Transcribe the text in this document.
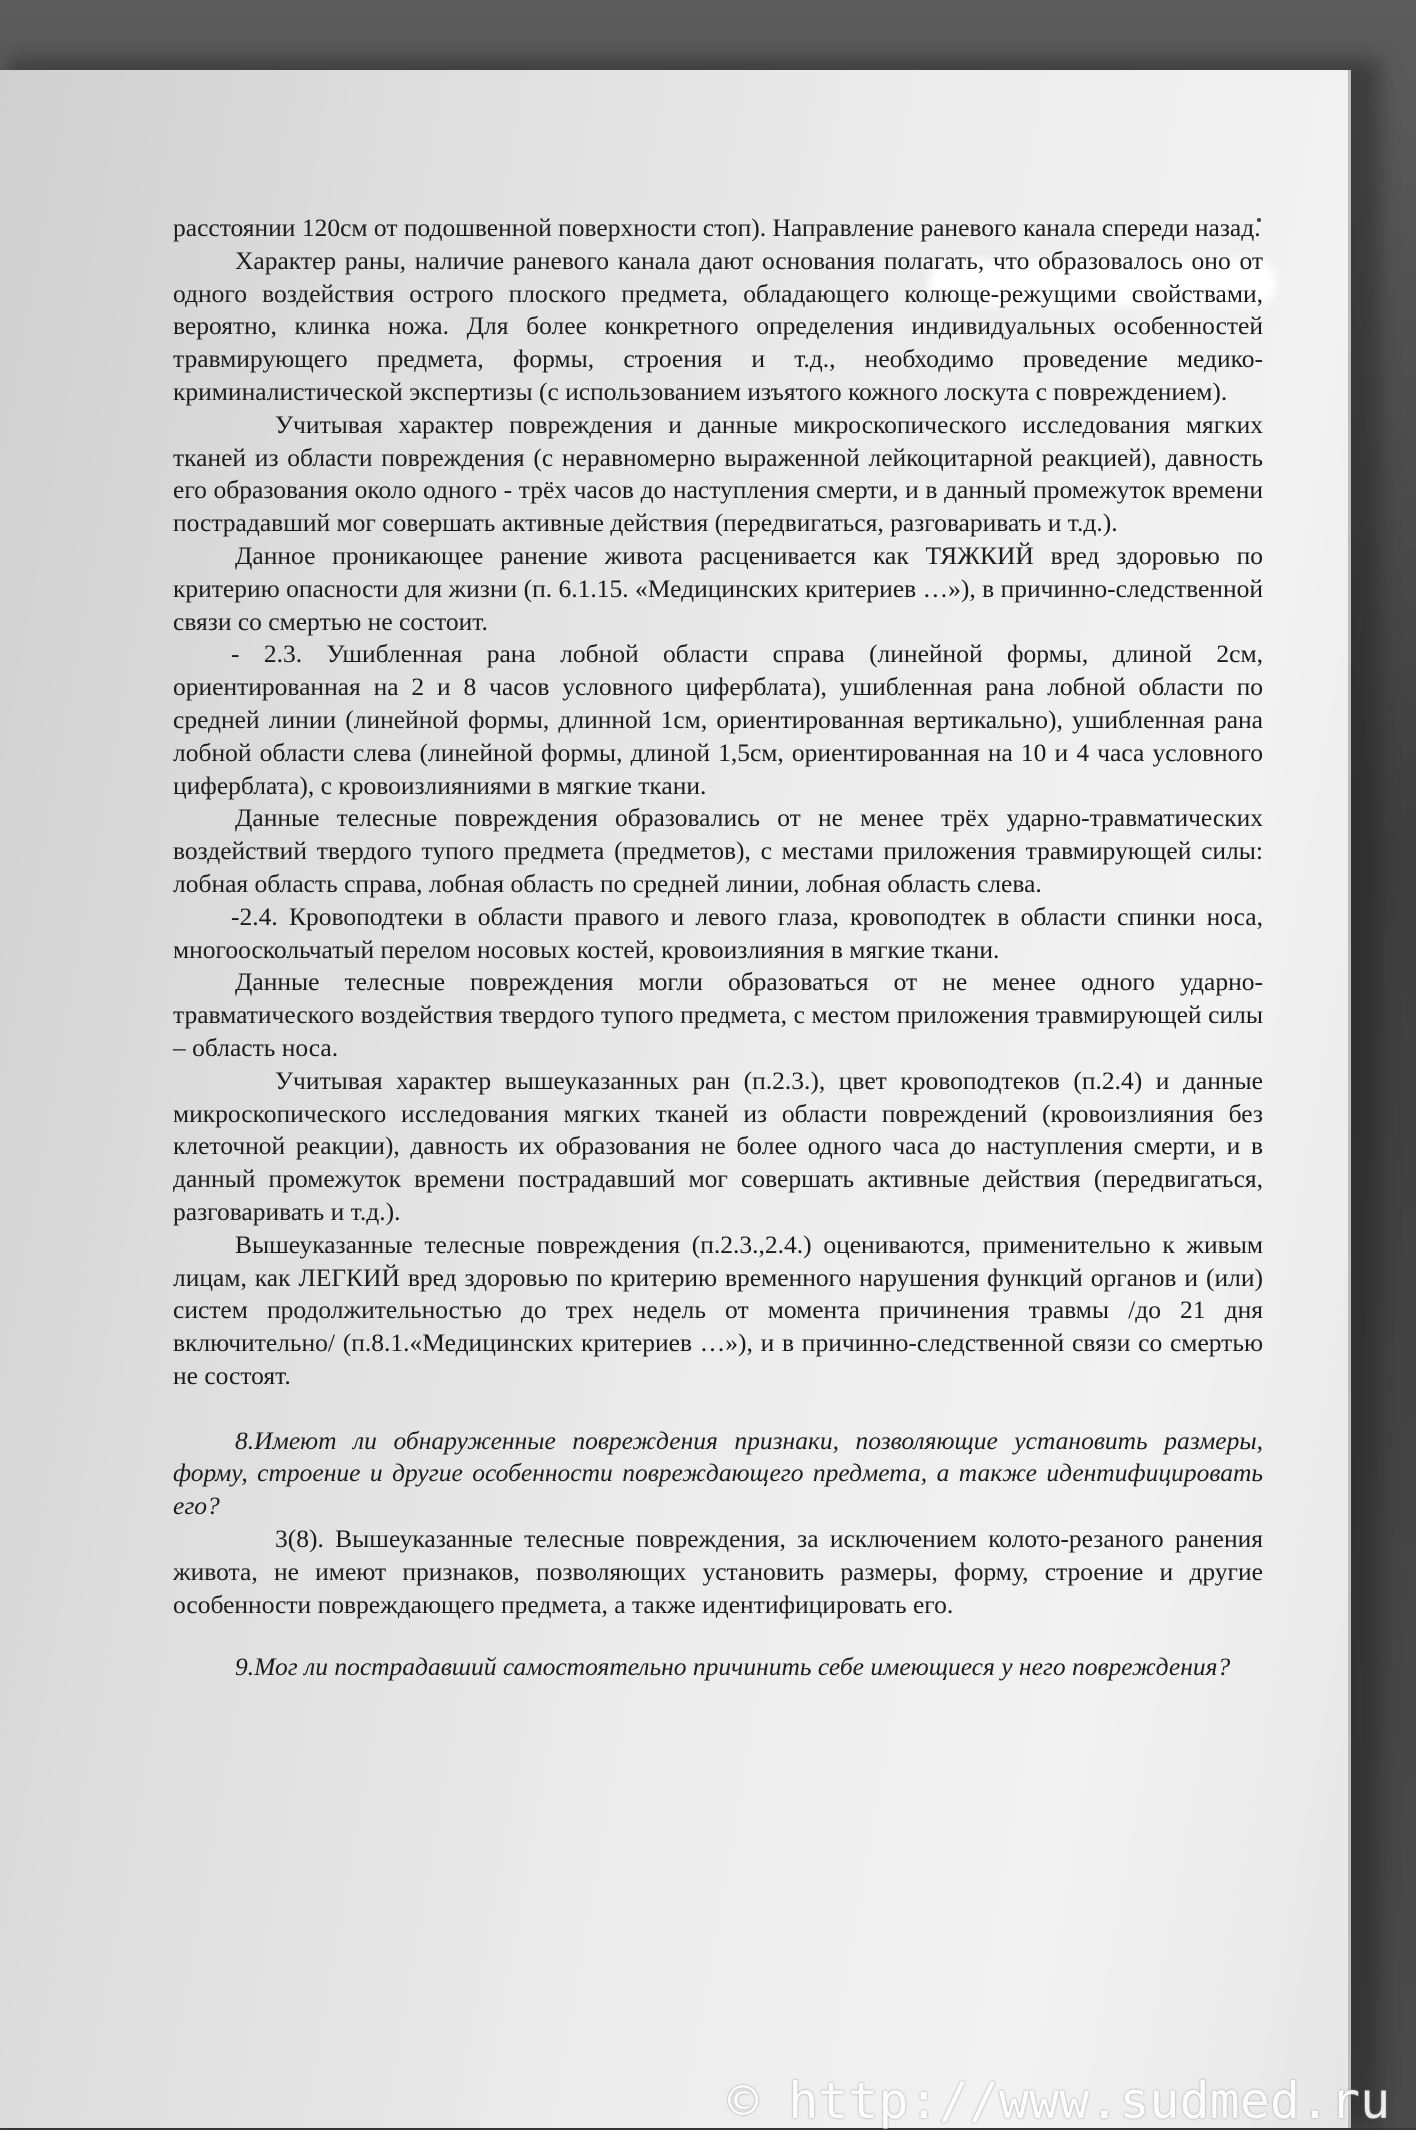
расстоянии 120см от подошвенной поверхности стоп). Направление раневого канала спереди назад.

Характер раны, наличие раневого канала дают основания полагать, что образовалось оно от одного воздействия острого плоского предмета, обладающего колюще-режущими свойствами, вероятно, клинка ножа. Для более конкретного определения индивидуальных особенностей травмирующего предмета, формы, строения и т.д., необходимо проведение медико-криминалистической экспертизы (с использованием изъятого кожного лоскута с повреждением).

Учитывая характер повреждения и данные микроскопического исследования мягких тканей из области повреждения (с неравномерно выраженной лейкоцитарной реакцией), давность его образования около одного - трёх часов до наступления смерти, и в данный промежуток времени пострадавший мог совершать активные действия (передвигаться, разговаривать и т.д.).

Данное проникающее ранение живота расценивается как ТЯЖКИЙ вред здоровью по критерию опасности для жизни (п. 6.1.15. «Медицинских критериев …»), в причинно-следственной связи со смертью не состоит.

- 2.3. Ушибленная рана лобной области справа (линейной формы, длиной 2см, ориентированная на 2 и 8 часов условного циферблата), ушибленная рана лобной области по средней линии (линейной формы, длинной 1см, ориентированная вертикально), ушибленная рана лобной области слева (линейной формы, длиной 1,5см, ориентированная на 10 и 4 часа условного циферблата), с кровоизлияниями в мягкие ткани.

Данные телесные повреждения образовались от не менее трёх ударно-травматических воздействий твердого тупого предмета (предметов), с местами приложения травмирующей силы: лобная область справа, лобная область по средней линии, лобная область слева.

-2.4. Кровоподтеки в области правого и левого глаза, кровоподтек в области спинки носа, многооскольчатый перелом носовых костей, кровоизлияния в мягкие ткани.

Данные телесные повреждения могли образоваться от не менее одного ударно-травматического воздействия твердого тупого предмета, с местом приложения травмирующей силы – область носа.

Учитывая характер вышеуказанных ран (п.2.3.), цвет кровоподтеков (п.2.4) и данные микроскопического исследования мягких тканей из области повреждений (кровоизлияния без клеточной реакции), давность их образования не более одного часа до наступления смерти, и в данный промежуток времени пострадавший мог совершать активные действия (передвигаться, разговаривать и т.д.).

Вышеуказанные телесные повреждения (п.2.3.,2.4.) оцениваются, применительно к живым лицам, как ЛЕГКИЙ вред здоровью по критерию временного нарушения функций органов и (или) систем продолжительностью до трех недель от момента причинения травмы /до 21 дня включительно/ (п.8.1.«Медицинских критериев …»), и в причинно-следственной связи со смертью не состоят.

8.Имеют ли обнаруженные повреждения признаки, позволяющие установить размеры, форму, строение и другие особенности повреждающего предмета, а также идентифицировать его?

3(8). Вышеуказанные телесные повреждения, за исключением колото-резаного ранения живота, не имеют признаков, позволяющих установить размеры, форму, строение и другие особенности повреждающего предмета, а также идентифицировать его.

9.Мог ли пострадавший самостоятельно причинить себе имеющиеся у него повреждения?

© http://www.sudmed.ru
